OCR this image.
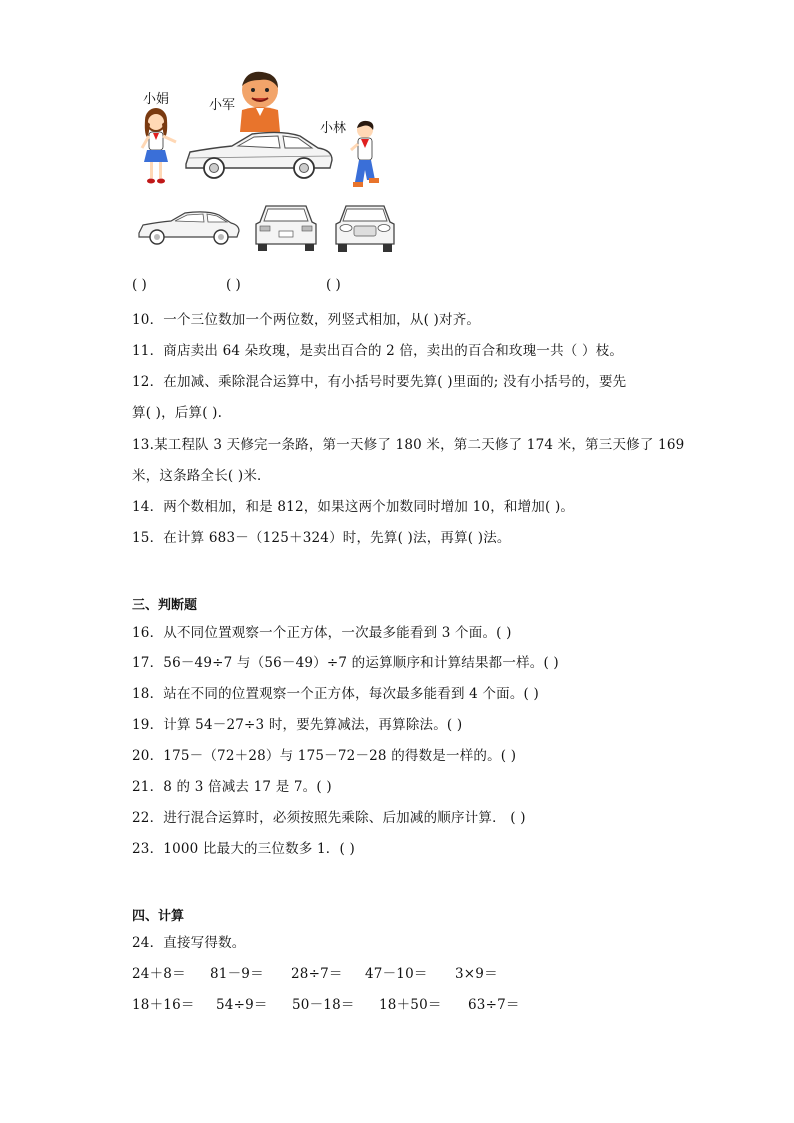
小娟	小军
小林
( )	( )	( )
10．一个三位数加一个两位数，列竖式相加，从( )对齐。
11．商店卖出 64 朵玫瑰，是卖出百合的 2 倍，卖出的百合和玫瑰一共（ ）枝。
12．在加减、乘除混合运算中，有小括号时要先算( )里面的; 没有小括号的，要先
算( )，后算( ).
13.某工程队 3 天修完一条路，第一天修了 180 米，第二天修了 174 米，第三天修了 169
米，这条路全长( )米．
14．两个数相加，和是 812，如果这两个加数同时增加 10，和增加( )。
15．在计算 683－（125＋324）时，先算( )法，再算( )法。
三、判断题
16．从不同位置观察一个正方体，一次最多能看到 3 个面。( )
17．56－49÷7 与（56－49）÷7 的运算顺序和计算结果都一样。( )
18．站在不同的位置观察一个正方体，每次最多能看到 4 个面。( )
19．计算 54－27÷3 时，要先算减法，再算除法。( )
20．175－（72＋28）与 175－72－28 的得数是一样的。( )
21．8 的 3 倍减去 17 是 7。( )
22．进行混合运算时，必须按照先乘除、后加减的顺序计算． ( )
23．1000 比最大的三位数多 1．( )
四、计算
24．直接写得数。
24＋8＝ 81－9＝ 28÷7＝ 47－10＝ 3×9＝
18＋16＝ 54÷9＝ 50－18＝ 18＋50＝ 63÷7＝
